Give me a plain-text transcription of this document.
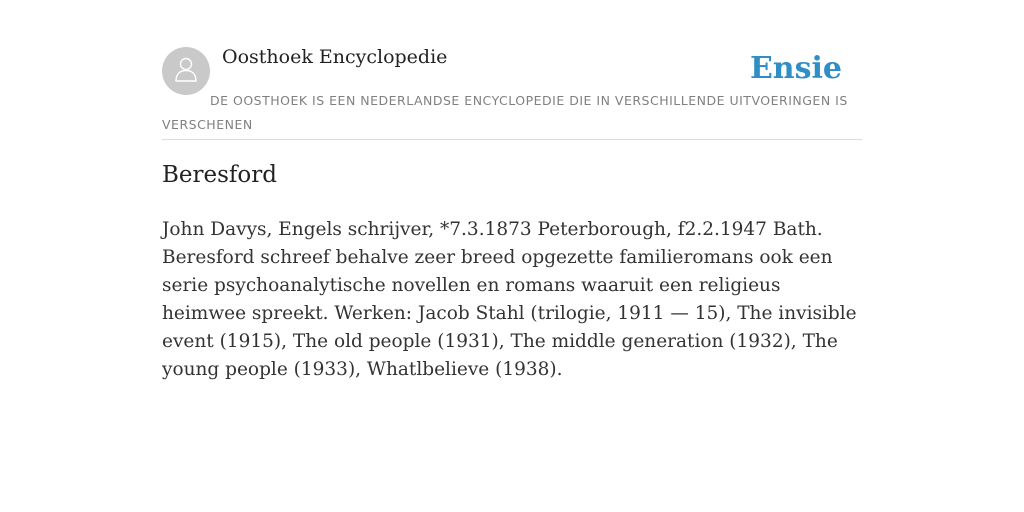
Oosthoek Encyclopedie	Ensie
DE OOSTHOEK IS EEN NEDERLANDSE ENCYCLOPEDIE DIE IN VERSCHILLENDE UITVOERINGEN IS VERSCHENEN
Beresford

John Davys, Engels schrijver, *7.3.1873 Peterborough, f2.2.1947 Bath. Beresford schreef behalve zeer breed opgezette familieromans ook een serie psychoanalytische novellen en romans waaruit een religieus heimwee spreekt. Werken: Jacob Stahl (trilogie, 1911 — 15), The invisible event (1915), The old people (1931), The middle generation (1932), The young people (1933), Whatlbelieve (1938).
